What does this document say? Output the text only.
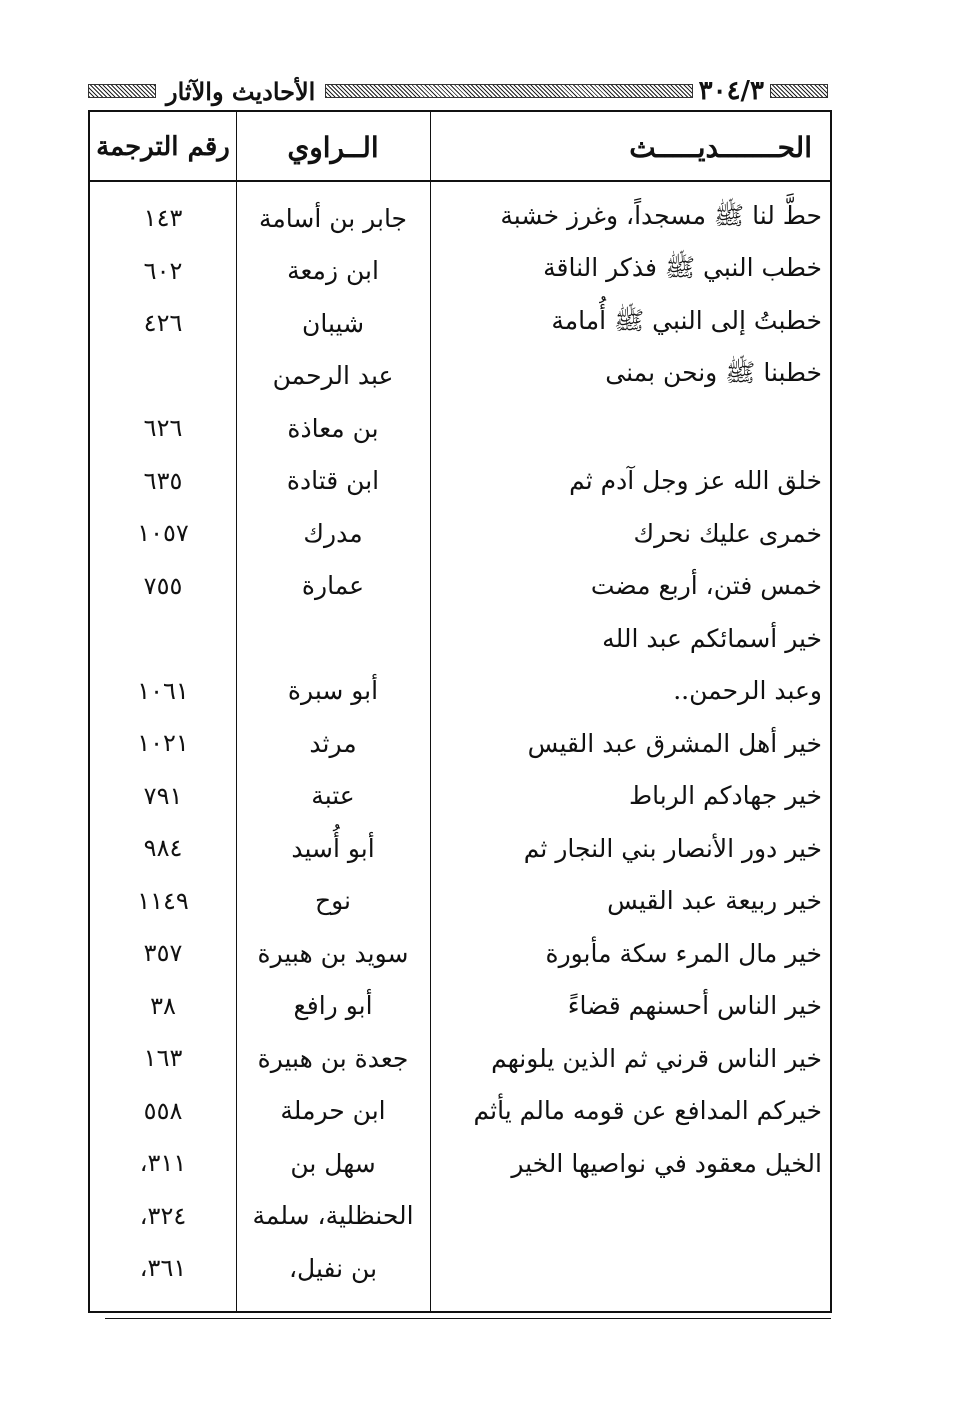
الأحاديث والآثار	٣٠٤/٣
الحـــــــديـــــث
الــراوي
رقم الترجمة
حطَّ لنا ﷺ مسجداً، وغرز خشبة
جابر بن أسامة
١٤٣
خطب النبي ﷺ فذكر الناقة
ابن زمعة
٦٠٢
خطبتُ إلى النبي ﷺ أُمامة
شيبان
٤٢٦
خطبنا ﷺ ونحن بمنى
عبد الرحمن
بن معاذة
٦٢٦
خلق الله عز وجل آدم ثم
ابن قتادة
٦٣٥
خمرى عليك نحرك
مدرك
١٠٥٧
خمس فتن، أربع مضت
عمارة
٧٥٥
خير أسمائكم عبد الله
وعبد الرحمن..
أبو سبرة
١٠٦١
خير أهل المشرق عبد القيس
مرثد
١٠٢١
خير جهادكم الرباط
عتبة
٧٩١
خير دور الأنصار بني النجار ثم
أبو أُسيد
٩٨٤
خير ربيعة عبد القيس
نوح
١١٤٩
خير مال المرء سكة مأبورة
سويد بن هبيرة
٣٥٧
خير الناس أحسنهم قضاءً
أبو رافع
٣٨
خير الناس قرني ثم الذين يلونهم
جعدة بن هبيرة
١٦٣
خيركم المدافع عن قومه مالم يأثم
ابن حرملة
٥٥٨
الخيل معقود في نواصيها الخير
سهل بن
٣١١،
الحنظلية، سلمة
٣٢٤،
بن نفيل،
٣٦١،
